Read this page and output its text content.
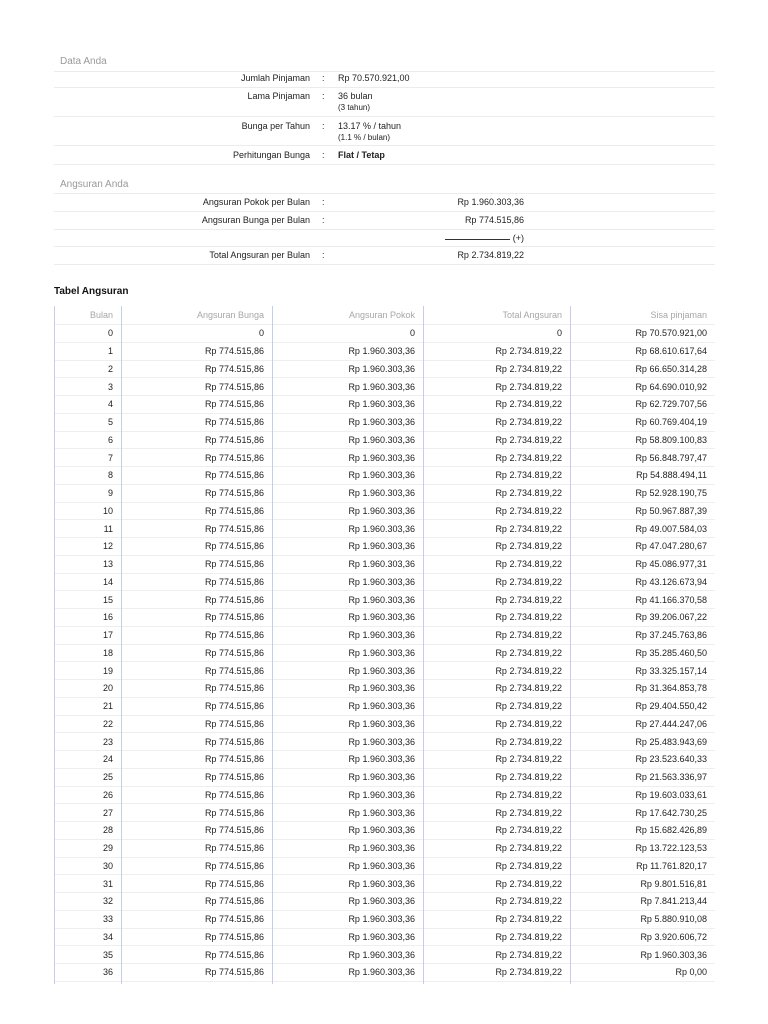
Data Anda
Jumlah Pinjaman : Rp 70.570.921,00
Lama Pinjaman : 36 bulan
(3 tahun)
Bunga per Tahun : 13.17 % / tahun
(1.1 % / bulan)
Perhitungan Bunga : Flat / Tetap
Angsuran Anda
Angsuran Pokok per Bulan :	Rp 1.960.303,36
Angsuran Bunga per Bulan :	Rp 774.515,86
(+)
Total Angsuran per Bulan :	Rp 2.734.819,22
Tabel Angsuran
Bulan	Angsuran Bunga	Angsuran Pokok	Total Angsuran	Sisa pinjaman
0	0	0	0	Rp 70.570.921,00
1	Rp 774.515,86	Rp 1.960.303,36	Rp 2.734.819,22	Rp 68.610.617,64
2	Rp 774.515,86	Rp 1.960.303,36	Rp 2.734.819,22	Rp 66.650.314,28
3	Rp 774.515,86	Rp 1.960.303,36	Rp 2.734.819,22	Rp 64.690.010,92
4	Rp 774.515,86	Rp 1.960.303,36	Rp 2.734.819,22	Rp 62.729.707,56
5	Rp 774.515,86	Rp 1.960.303,36	Rp 2.734.819,22	Rp 60.769.404,19
6	Rp 774.515,86	Rp 1.960.303,36	Rp 2.734.819,22	Rp 58.809.100,83
7	Rp 774.515,86	Rp 1.960.303,36	Rp 2.734.819,22	Rp 56.848.797,47
8	Rp 774.515,86	Rp 1.960.303,36	Rp 2.734.819,22	Rp 54.888.494,11
9	Rp 774.515,86	Rp 1.960.303,36	Rp 2.734.819,22	Rp 52.928.190,75
10	Rp 774.515,86	Rp 1.960.303,36	Rp 2.734.819,22	Rp 50.967.887,39
11	Rp 774.515,86	Rp 1.960.303,36	Rp 2.734.819,22	Rp 49.007.584,03
12	Rp 774.515,86	Rp 1.960.303,36	Rp 2.734.819,22	Rp 47.047.280,67
13	Rp 774.515,86	Rp 1.960.303,36	Rp 2.734.819,22	Rp 45.086.977,31
14	Rp 774.515,86	Rp 1.960.303,36	Rp 2.734.819,22	Rp 43.126.673,94
15	Rp 774.515,86	Rp 1.960.303,36	Rp 2.734.819,22	Rp 41.166.370,58
16	Rp 774.515,86	Rp 1.960.303,36	Rp 2.734.819,22	Rp 39.206.067,22
17	Rp 774.515,86	Rp 1.960.303,36	Rp 2.734.819,22	Rp 37.245.763,86
18	Rp 774.515,86	Rp 1.960.303,36	Rp 2.734.819,22	Rp 35.285.460,50
19	Rp 774.515,86	Rp 1.960.303,36	Rp 2.734.819,22	Rp 33.325.157,14
20	Rp 774.515,86	Rp 1.960.303,36	Rp 2.734.819,22	Rp 31.364.853,78
21	Rp 774.515,86	Rp 1.960.303,36	Rp 2.734.819,22	Rp 29.404.550,42
22	Rp 774.515,86	Rp 1.960.303,36	Rp 2.734.819,22	Rp 27.444.247,06
23	Rp 774.515,86	Rp 1.960.303,36	Rp 2.734.819,22	Rp 25.483.943,69
24	Rp 774.515,86	Rp 1.960.303,36	Rp 2.734.819,22	Rp 23.523.640,33
25	Rp 774.515,86	Rp 1.960.303,36	Rp 2.734.819,22	Rp 21.563.336,97
26	Rp 774.515,86	Rp 1.960.303,36	Rp 2.734.819,22	Rp 19.603.033,61
27	Rp 774.515,86	Rp 1.960.303,36	Rp 2.734.819,22	Rp 17.642.730,25
28	Rp 774.515,86	Rp 1.960.303,36	Rp 2.734.819,22	Rp 15.682.426,89
29	Rp 774.515,86	Rp 1.960.303,36	Rp 2.734.819,22	Rp 13.722.123,53
30	Rp 774.515,86	Rp 1.960.303,36	Rp 2.734.819,22	Rp 11.761.820,17
31	Rp 774.515,86	Rp 1.960.303,36	Rp 2.734.819,22	Rp 9.801.516,81
32	Rp 774.515,86	Rp 1.960.303,36	Rp 2.734.819,22	Rp 7.841.213,44
33	Rp 774.515,86	Rp 1.960.303,36	Rp 2.734.819,22	Rp 5.880.910,08
34	Rp 774.515,86	Rp 1.960.303,36	Rp 2.734.819,22	Rp 3.920.606,72
35	Rp 774.515,86	Rp 1.960.303,36	Rp 2.734.819,22	Rp 1.960.303,36
36	Rp 774.515,86	Rp 1.960.303,36	Rp 2.734.819,22	Rp 0,00
